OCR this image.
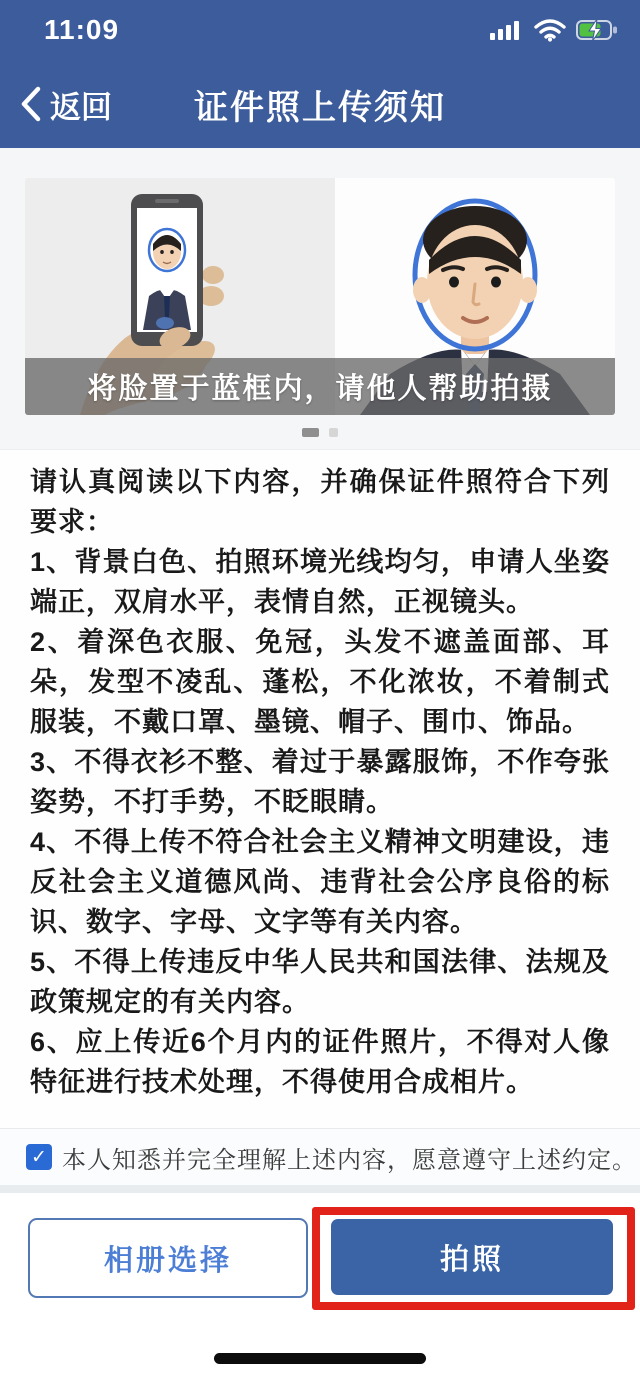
11:09
返回 证件照上传须知
将脸置于蓝框内，请他人帮助拍摄

请认真阅读以下内容，并确保证件照符合下列要求：

1、背景白色、拍照环境光线均匀，申请人坐姿端正，双肩水平，表情自然，正视镜头。

2、着深色衣服、免冠，头发不遮盖面部、耳朵，发型不凌乱、蓬松，不化浓妆，不着制式服装，不戴口罩、墨镜、帽子、围巾、饰品。

3、不得衣衫不整、着过于暴露服饰，不作夸张姿势，不打手势，不眨眼睛。

4、不得上传不符合社会主义精神文明建设，违反社会主义道德风尚、违背社会公序良俗的标识、数字、字母、文字等有关内容。

5、不得上传违反中华人民共和国法律、法规及政策规定的有关内容。

6、应上传近6个月内的证件照片，不得对人像特征进行技术处理，不得使用合成相片。

✓ 本人知悉并完全理解上述内容，愿意遵守上述约定。
相册选择	拍照
